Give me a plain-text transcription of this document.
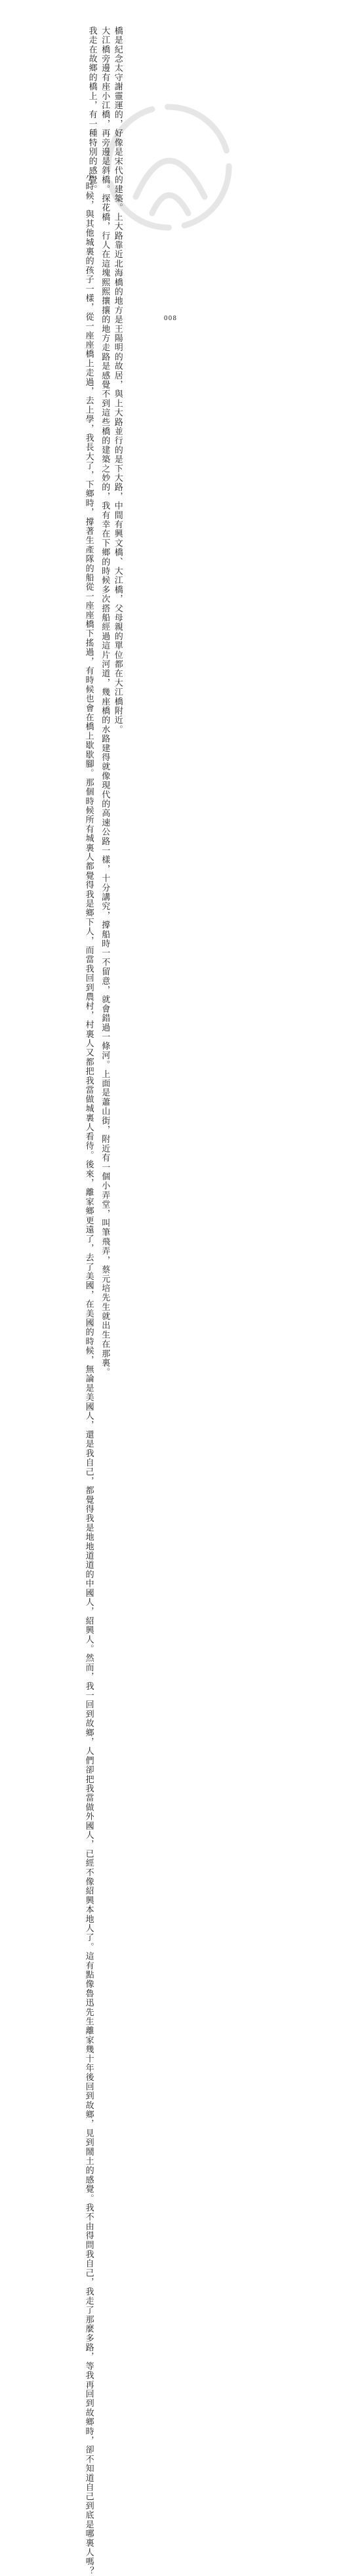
橋是紀念太守謝靈運的，好像是宋代的建築。上大路靠近北海橋的地方是王陽明的故居，與上大路並行的是下大路，中間有興文橋、大江橋，父母親的單位都在大江橋附近。
大江橋旁邊有座小江橋，再旁邊是斜橋。探花橋，行人在這塊熙熙攘攘的地方走路是感覺不到這些橋的建築之妙的，我有幸在下鄉的時候多次搭船經過這片河道，幾座橋的水路建得就像現代的高速公路一樣，十分講究，撐船時一不留意，就會錯過一條河。上面是蕭山街，附近有一個小弄堂，叫筆飛弄，蔡元培先生就出生在那裏。
我走在故鄉的橋上，有一種特別的感覺。
小時候，與其他城裏的孩子一樣，從一座座橋上走過，去上學，我長大了，下鄉時，撐著生產隊的船從一座座橋下搖過，有時候也會在橋上歇歇腳。那個時候所有城裏人都覺得我是鄉下人，而當我回到農村，村裏人又都把我當做城裏人看待。後來，離家鄉更遠了，去了美國，在美國的時候，無論是美國人，還是我自己，都覺得我是地地道道的中國人，紹興人。然而，我一回到故鄉，人們卻把我當做外國人，已經不像紹興本地人了。這有點像魯迅先生離家幾十年後回到故鄉，見到鬧土的感覺。我不由得問我自己，我走了那麼多路，等我再回到故鄉時，卻不知道自己到底是哪裏人嗎？	008
